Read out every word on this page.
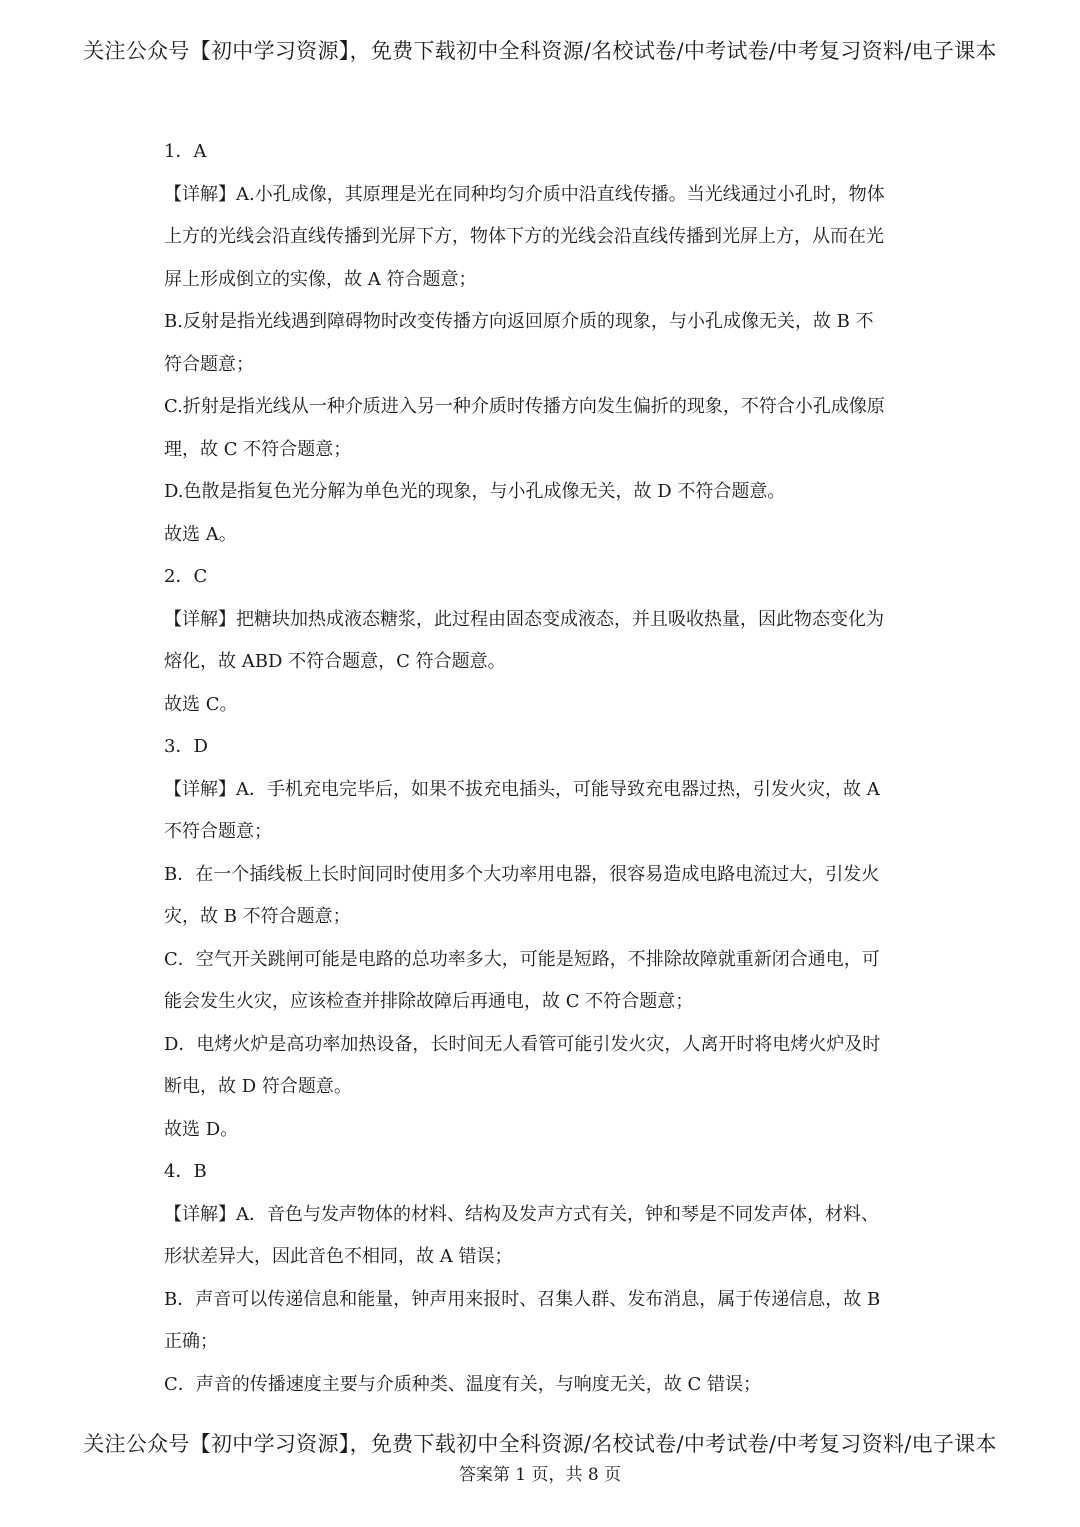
关注公众号【初中学习资源】，免费下载初中全科资源/名校试卷/中考试卷/中考复习资料/电子课本
1．A
【详解】A.小孔成像，其原理是光在同种均匀介质中沿直线传播。当光线通过小孔时，物体
上方的光线会沿直线传播到光屏下方，物体下方的光线会沿直线传播到光屏上方，从而在光
屏上形成倒立的实像，故 A 符合题意；
B.反射是指光线遇到障碍物时改变传播方向返回原介质的现象，与小孔成像无关，故 B 不
符合题意；
C.折射是指光线从一种介质进入另一种介质时传播方向发生偏折的现象，不符合小孔成像原
理，故 C 不符合题意；
D.色散是指复色光分解为单色光的现象，与小孔成像无关，故 D 不符合题意。
故选 A。
2．C
【详解】把糖块加热成液态糖浆，此过程由固态变成液态，并且吸收热量，因此物态变化为
熔化，故 ABD 不符合题意，C 符合题意。
故选 C。
3．D
【详解】A．手机充电完毕后，如果不拔充电插头，可能导致充电器过热，引发火灾，故 A
不符合题意；
B．在一个插线板上长时间同时使用多个大功率用电器，很容易造成电路电流过大，引发火
灾，故 B 不符合题意；
C．空气开关跳闸可能是电路的总功率多大，可能是短路，不排除故障就重新闭合通电，可
能会发生火灾，应该检查并排除故障后再通电，故 C 不符合题意；
D．电烤火炉是高功率加热设备，长时间无人看管可能引发火灾，人离开时将电烤火炉及时
断电，故 D 符合题意。
故选 D。
4．B
【详解】A．音色与发声物体的材料、结构及发声方式有关，钟和琴是不同发声体，材料、
形状差异大，因此音色不相同，故 A 错误；
B．声音可以传递信息和能量，钟声用来报时、召集人群、发布消息，属于传递信息，故 B
正确；
C．声音的传播速度主要与介质种类、温度有关，与响度无关，故 C 错误；
关注公众号【初中学习资源】，免费下载初中全科资源/名校试卷/中考试卷/中考复习资料/电子课本
答案第 1 页，共 8 页
